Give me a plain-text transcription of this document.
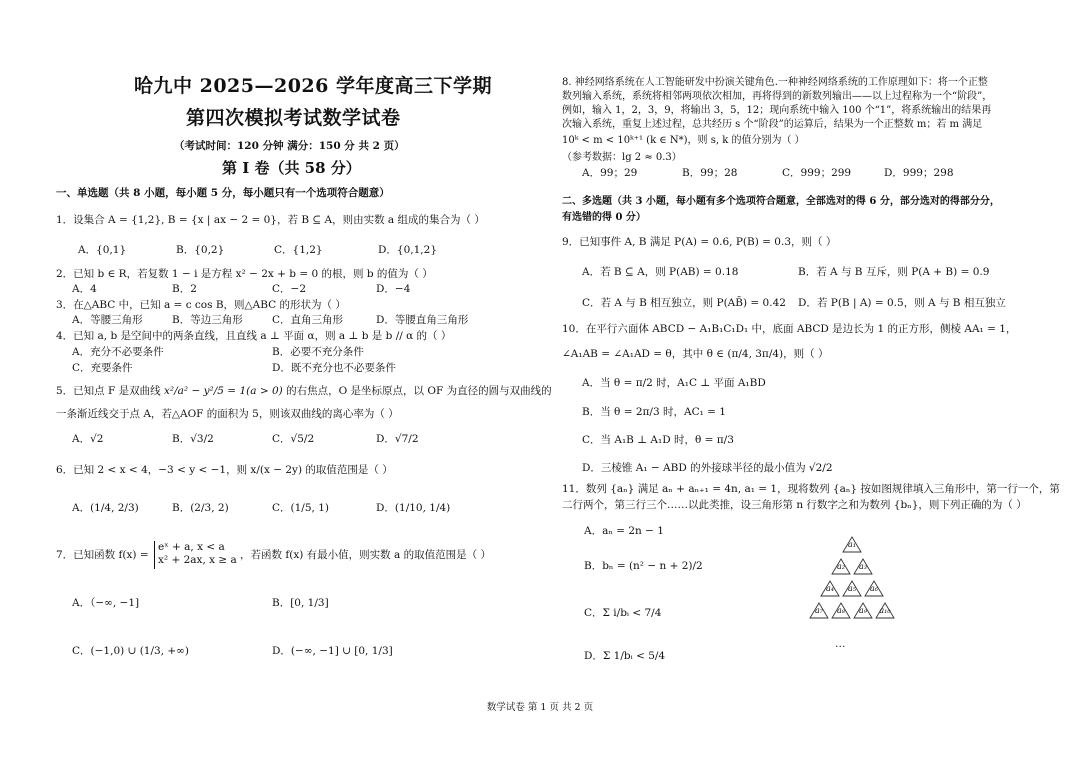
哈九中 2025—2026 学年度高三下学期
第四次模拟考试数学试卷
（考试时间：120 分钟 满分：150 分 共 2 页）
第 I 卷（共 58 分）
一、单选题（共 8 小题，每小题 5 分，每小题只有一个选项符合题意）
1．设集合 A = {1,2}, B = {x | ax − 2 = 0}，若 B ⊆ A，则由实数 a 组成的集合为（ ）
A．{0,1}	B．{0,2}	C．{1,2}	D．{0,1,2}
2．已知 b ∈ R，若复数 1 − i 是方程 x² − 2x + b = 0 的根，则 b 的值为（ ）
A．4	B．2	C．−2	D．−4
3．在△ABC 中，已知 a = c cos B，则△ABC 的形状为（ ）
A．等腰三角形	B．等边三角形	C．直角三角形	D．等腰直角三角形
4．已知 a, b 是空间中的两条直线，且直线 a ⊥ 平面 α，则 a ⊥ b 是 b // α 的（ ）
A．充分不必要条件	B．必要不充分条件
C．充要条件	D．既不充分也不必要条件
5．已知点 F 是双曲线 x²/a² − y²/5 = 1(a > 0) 的右焦点，O 是坐标原点，以 OF 为直径的圆与双曲线的
一条渐近线交于点 A，若△AOF 的面积为 5，则该双曲线的离心率为（ ）
A．√2	B．√3/2	C．√5/2	D．√7/2
6．已知 2 < x < 4，−3 < y < −1，则 x/(x − 2y) 的取值范围是（ ）
A．(1/4, 2/3)	B．(2/3, 2)	C．(1/5, 1)	D．(1/10, 1/4)
7．已知函数 f(x) =
eˣ + a, x < a
x² + 2ax, x ≥ a ，若函数 f(x) 有最小值，则实数 a 的取值范围是（ ）
A．（−∞, −1]	B．[0, 1/3]
C．(−1,0) ∪ (1/3, +∞)	D．(−∞, −1] ∪ [0, 1/3]
8. 神经网络系统在人工智能研发中扮演关键角色.一种神经网络系统的工作原理如下：将一个正整
数列输入系统，系统将相邻两项依次相加，再将得到的新数列输出——以上过程称为一个“阶段”，
例如，输入 1，2，3，9，将输出 3，5，12；现向系统中输入 100 个“1”，将系统输出的结果再
次输入系统，重复上述过程，总共经历 s 个“阶段”的运算后，结果为一个正整数 m；若 m 满足
10ᵏ < m < 10ᵏ⁺¹ (k ∈ N*)，则 s, k 的值分别为（ ）
（参考数据：lg 2 ≈ 0.3）
A．99；29	B．99；28	C．999；299	D．999；298
二、多选题（共 3 小题，每小题有多个选项符合题意，全部选对的得 6 分，部分选对的得部分分，
有选错的得 0 分）
9．已知事件 A, B 满足 P(A) = 0.6, P(B) = 0.3，则（ ）
A．若 B ⊆ A，则 P(AB) = 0.18	B．若 A 与 B 互斥，则 P(A + B) = 0.9
C．若 A 与 B 相互独立，则 P(AB̄) = 0.42 D．若 P(B | A) = 0.5，则 A 与 B 相互独立
10．在平行六面体 ABCD − A₁B₁C₁D₁ 中，底面 ABCD 是边长为 1 的正方形，侧棱 AA₁ = 1，
∠A₁AB = ∠A₁AD = θ，其中 θ ∈ (π/4, 3π/4)，则（ ）
A．当 θ = π/2 时，A₁C ⊥ 平面 A₁BD
B．当 θ = 2π/3 时，AC₁ = 1
C．当 A₁B ⊥ A₁D 时，θ = π/3
D．三棱锥 A₁ − ABD 的外接球半径的最小值为 √2/2
11．数列 {aₙ} 满足 aₙ + aₙ₊₁ = 4n, a₁ = 1，现将数列 {aₙ} 按如图规律填入三角形中，第一行一个，第
二行两个，第三行三个……以此类推，设三角形第 n 行数字之和为数列 {bₙ}，则下列正确的为（ ）
A．aₙ = 2n − 1
B．bₙ = (n² − n + 2)/2
C．Σ i/bᵢ < 7/4
D．Σ 1/bᵢ < 5/4
a₁
a₂	a₃
a₄	a₅	a₆
a₇	a₈	a₉	a₁₀
…
数学试卷 第 1 页 共 2 页
